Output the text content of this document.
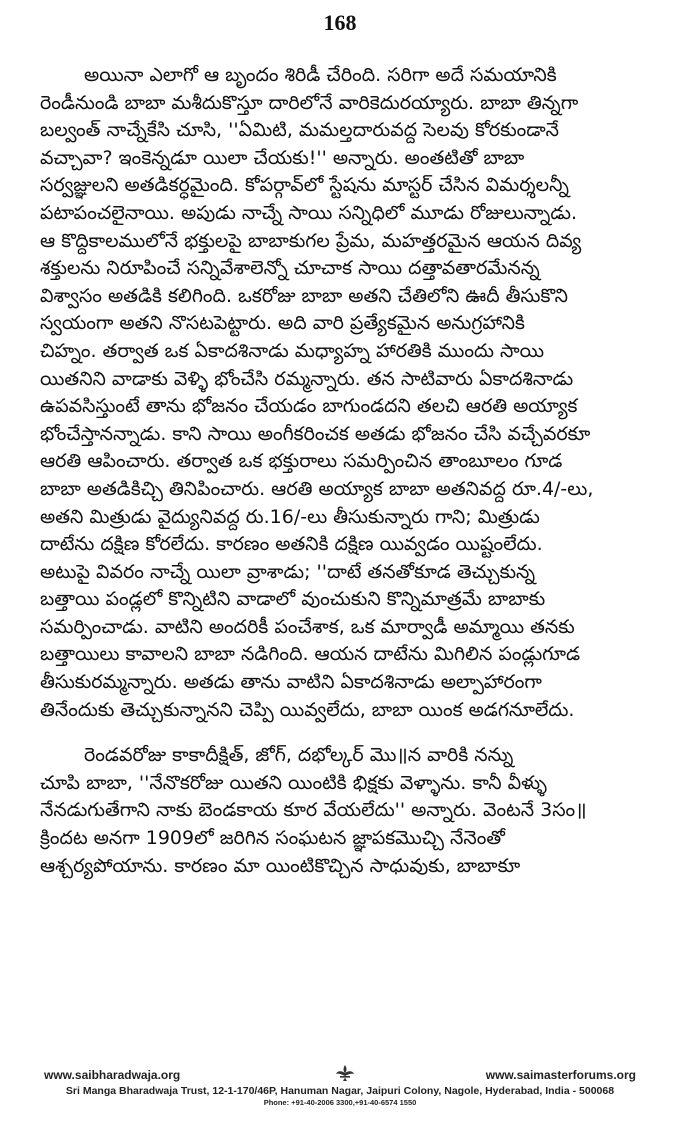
168

అయినా ఎలాగో ఆ బృందం శిరిడీ చేరింది. సరిగా అదే సమయానికి
రెండీనుండి బాబా మశీదుకొస్తూ దారిలోనే వారికెదురయ్యారు. బాబా తిన్నగా
బల్వంత్ నాచ్నేకేసి చూసి, ''ఏమిటి, మమల్తదారువద్ద సెలవు కోరకుండానే
వచ్చావా? ఇంకెన్నడూ యిలా చేయకు!'' అన్నారు. అంతటితో బాబా
సర్వజ్ఞులని అతడికర్ధమైంది. కోపర్గావ్‌లో స్టేషను మాస్టర్ చేసిన విమర్శలన్నీ
పటాపంచలైనాయి. అపుడు నాచ్నే సాయి సన్నిధిలో మూడు రోజులున్నాడు.
ఆ కొద్దికాలములోనే భక్తులపై బాబాకుగల ప్రేమ, మహత్తరమైన ఆయన దివ్య
శక్తులను నిరూపించే సన్నివేశాలెన్నో చూచాక సాయి దత్తావతారమేనన్న
విశ్వాసం అతడికి కలిగింది. ఒకరోజు బాబా అతని చేతిలోని ఊదీ తీసుకొని
స్వయంగా అతని నొసటపెట్టారు. అది వారి ప్రత్యేకమైన అనుగ్రహానికి
చిహ్నం. తర్వాత ఒక ఏకాదశినాడు మధ్యాహ్న హారతికి ముందు సాయి
యితనిని వాడాకు వెళ్ళి భోంచేసి రమ్మన్నారు. తన సాటివారు ఏకాదశినాడు
ఉపవసిస్తుంటే తాను భోజనం చేయడం బాగుండదని తలచి ఆరతి అయ్యాక
భోంచేస్తానన్నాడు. కాని సాయి అంగీకరించక అతడు భోజనం చేసి వచ్చేవరకూ
ఆరతి ఆపించారు. తర్వాత ఒక భక్తురాలు సమర్పించిన తాంబూలం గూడ
బాబా అతడికిచ్చి తినిపించారు. ఆరతి అయ్యాక బాబా అతనివద్ద రూ.4/-లు,
అతని మిత్రుడు వైద్యునివద్ద రు.16/-లు తీసుకున్నారు గాని; మిత్రుడు
దాటేను దక్షిణ కోరలేదు. కారణం అతనికి దక్షిణ యివ్వడం యిష్టంలేదు.
అటుపై వివరం నాచ్నే యిలా వ్రాశాడు; ''దాటే తనతోకూడ తెచ్చుకున్న
బత్తాయి పండ్లలో కొన్నిటిని వాడాలో వుంచుకుని కొన్నిమాత్రమే బాబాకు
సమర్పించాడు. వాటిని అందరికీ పంచేశాక, ఒక మార్వాడీ అమ్మాయి తనకు
బత్తాయిలు కావాలని బాబా నడిగింది. ఆయన దాటేను మిగిలిన పండ్లుగూడ
తీసుకురమ్మన్నారు. అతడు తాను వాటిని ఏకాదశినాడు అల్పాహారంగా
తినేందుకు తెచ్చుకున్నానని చెప్పి యివ్వలేదు, బాబా యింక అడగనూలేదు.

రెండవరోజు కాకాదీక్షిత్, జోగ్, దభోల్కర్ మొ॥న వారికి నన్ను
చూపి బాబా, ''నేనొకరోజు యితని యింటికి భిక్షకు వెళ్ళాను. కానీ వీళ్ళు
నేనడుగుతేగాని నాకు బెండకాయ కూర వేయలేదు'' అన్నారు. వెంటనే 3సం॥
క్రిందట అనగా 1909లో జరిగిన సంఘటన జ్ఞాపకమొచ్చి నేనెంతో
ఆశ్చర్యపోయాను. కారణం మా యింటికొచ్చిన సాధువుకు, బాబాకూ

www.saibharadwaja.org	www.saimasterforums.org
Sri Manga Bharadwaja Trust, 12-1-170/46P, Hanuman Nagar, Jaipuri Colony, Nagole, Hyderabad, India - 500068
Phone: +91-40-2006 3300,+91-40-6574 1550
